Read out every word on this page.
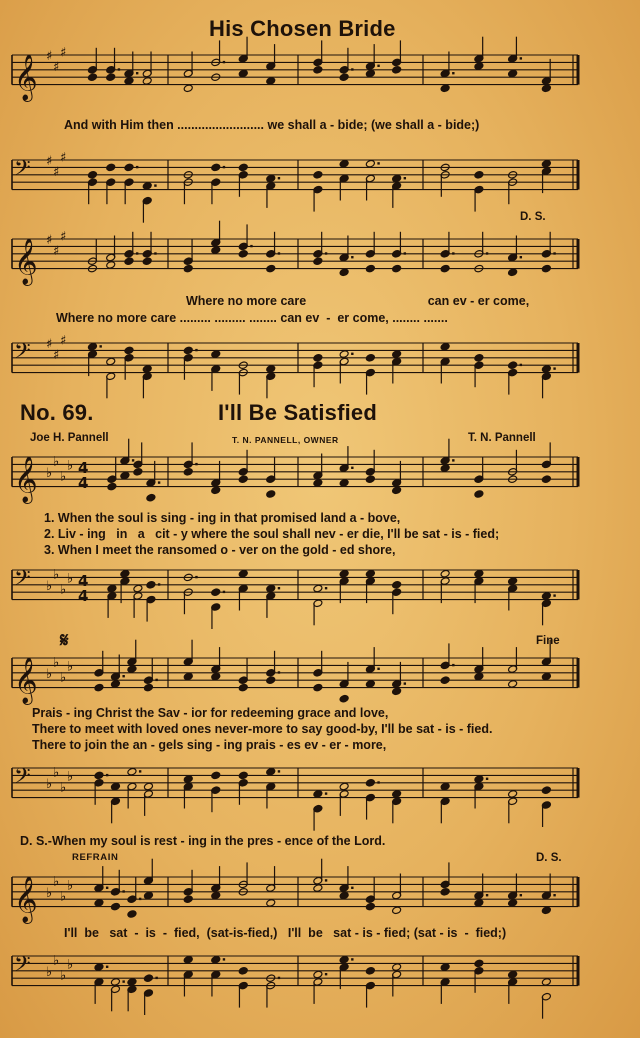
His Chosen Bride
𝄞 ♯
♯
♯
And with Him then ......................... we shall a - bide; (we shall a - bide;)
𝄢 ♯
♯
♯
D. S.
𝄞 ♯
♯
♯
Where no more care                                   can ev - er come,
Where no more care ......... ......... ........ can ev  -  er come, ........ .......
𝄢 ♯
♯
♯
No. 69.	I'll Be Satisfied
Joe H. Pannell	T. N. PANNELL, OWNER	T. N. Pannell
𝄞 ♭
♭
♭
♭ 4
4
1. When the soul is sing - ing in that promised land a - bove,
2. Liv - ing   in   a   cit - y where the soul shall nev - er die, I'll be sat - is - fied;
3. When I meet the ransomed o - ver on the gold - ed shore,
𝄢 ♭
♭
♭
♭ 4
4
𝄋	Fine
𝄞 ♭
♭
♭
♭
Prais - ing Christ the Sav - ior for redeeming grace and love,
There to meet with loved ones never-more to say good-by, I'll be sat - is - fied.
There to join the an - gels sing - ing prais - es ev - er - more,
𝄢 ♭
♭
♭
♭
D. S.-When my soul is rest - ing in the pres - ence of the Lord.
REFRAIN	D. S.
𝄞 ♭
♭
♭
♭
I'll  be   sat  -  is  -  fied,  (sat-is-fied,)   I'll  be   sat - is - fied; (sat - is  -  fied;)
𝄢 ♭
♭
♭
♭
